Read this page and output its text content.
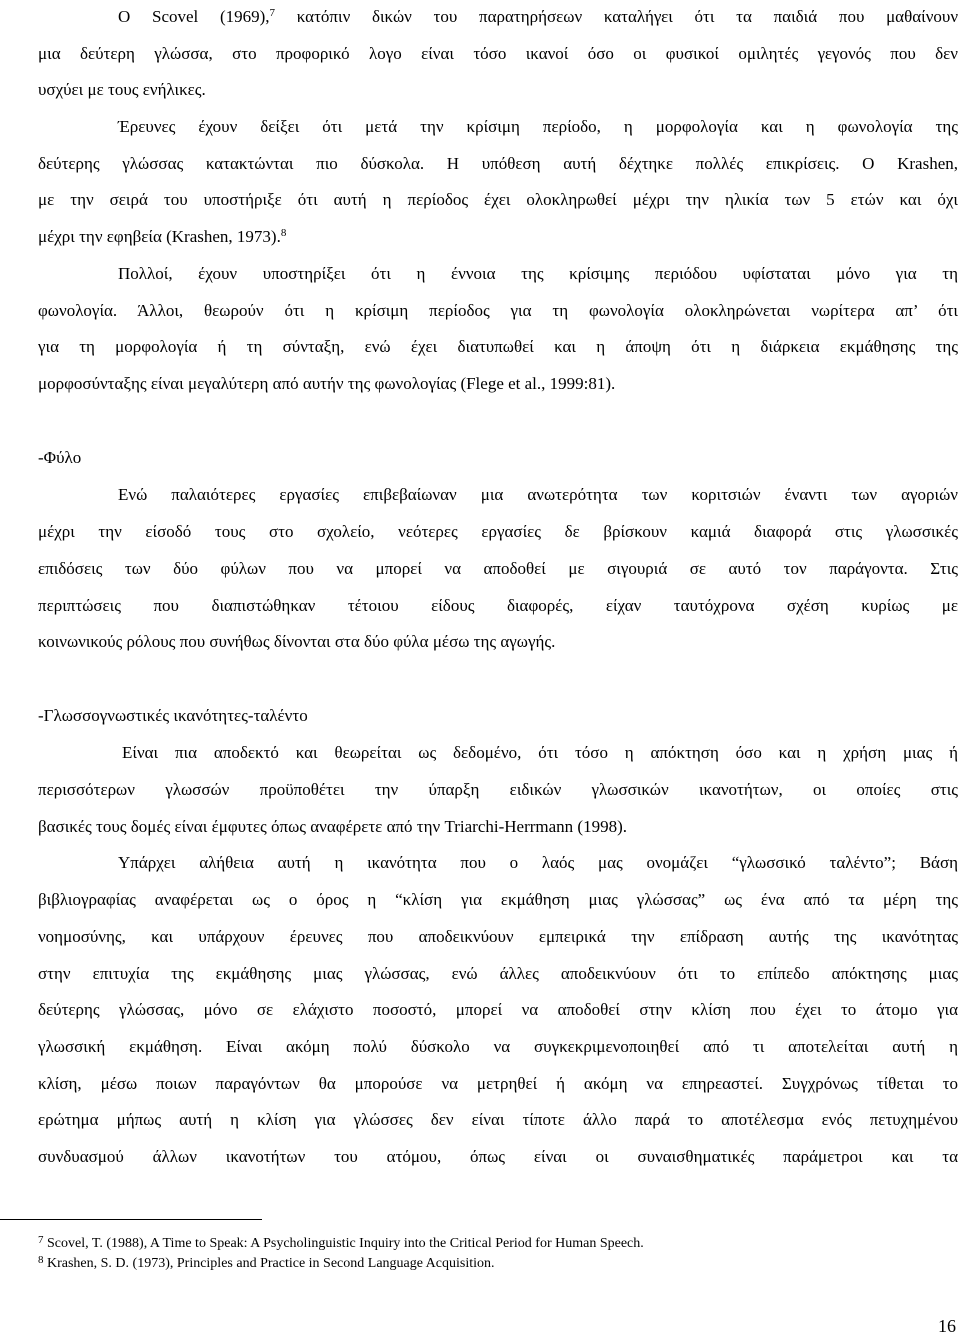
Ο Scovel (1969),$^7$ κατόπιν δικών του παρατηρήσεων καταλήγει ότι τα παιδιά που μαθαίνουν
μια δεύτερη γλώσσα, στο προφορικό λογο είναι τόσο ικανοί όσο οι φυσικοί ομιλητές γεγονός που δεν
υσχύει με τους ενήλικες.
Έρευνες έχουν δείξει ότι μετά την κρίσιμη περίοδο, η μορφολογία και η φωνολογία της
δεύτερης γλώσσας κατακτώνται πιο δύσκολα. Η υπόθεση αυτή δέχτηκε πολλές επικρίσεις. Ο Krashen,
με την σειρά του υποστήριξε ότι αυτή η περίοδος έχει ολοκληρωθεί μέχρι την ηλικία των 5 ετών και όχι
μέχρι την εφηβεία (Krashen, 1973).$^8$
Πολλοί, έχουν υποστηρίξει ότι η έννοια της κρίσιμης περιόδου υφίσταται μόνο για τη
φωνολογία. Άλλοι, θεωρούν ότι η κρίσιμη περίοδος για τη φωνολογία ολοκληρώνεται νωρίτερα απ’ ότι
για τη μορφολογία ή τη σύνταξη, ενώ έχει διατυπωθεί και η άποψη ότι η διάρκεια εκμάθησης της
μορφοσύνταξης είναι μεγαλύτερη από αυτήν της φωνολογίας (Flege et al., 1999:81).
-Φύλο
Ενώ παλαιότερες εργασίες επιβεβαίωναν μια ανωτερότητα των κοριτσιών έναντι των αγοριών
μέχρι την είσοδό τους στο σχολείο, νεότερες εργασίες δε βρίσκουν καμιά διαφορά στις γλωσσικές
επιδόσεις των δύο φύλων που να μπορεί να αποδοθεί με σιγουριά σε αυτό τον παράγοντα. Στις
περιπτώσεις που διαπιστώθηκαν τέτοιου είδους διαφορές, είχαν ταυτόχρονα σχέση κυρίως με
κοινωνικούς ρόλους που συνήθως δίνονται στα δύο φύλα μέσω της αγωγής.
-Γλωσσογνωστικές ικανότητες-ταλέντο
Είναι πια αποδεκτό και θεωρείται ως δεδομένο, ότι τόσο η απόκτηση όσο και η χρήση μιας ή
περισσότερων γλωσσών προϋποθέτει την ύπαρξη ειδικών γλωσσικών ικανοτήτων, οι οποίες στις
βασικές τους δομές είναι έμφυτες όπως αναφέρετε από την Triarchi-Herrmann (1998).
Υπάρχει αλήθεια αυτή η ικανότητα που ο λαός μας ονομάζει “γλωσσικό ταλέντο”; Βάση
βιβλιογραφίας αναφέρεται ως ο όρος η “κλίση για εκμάθηση μιας γλώσσας” ως ένα από τα μέρη της
νοημοσύνης, και υπάρχουν έρευνες που αποδεικνύουν εμπειρικά την επίδραση αυτής της ικανότητας
στην επιτυχία της εκμάθησης μιας γλώσσας, ενώ άλλες αποδεικνύουν ότι το επίπεδο απόκτησης μιας
δεύτερης γλώσσας, μόνο σε ελάχιστο ποσοστό, μπορεί να αποδοθεί στην κλίση που έχει το άτομο για
γλωσσική εκμάθηση. Είναι ακόμη πολύ δύσκολο να συγκεκριμενοποιηθεί από τι αποτελείται αυτή η
κλίση, μέσω ποιων παραγόντων θα μπορούσε να μετρηθεί ή ακόμη να επηρεαστεί. Συγχρόνως τίθεται το
ερώτημα μήπως αυτή η κλίση για γλώσσες δεν είναι τίποτε άλλο παρά το αποτέλεσμα ενός πετυχημένου
συνδυασμού άλλων ικανοτήτων του ατόμου, όπως είναι οι συναισθηματικές παράμετροι και τα
$^7$ Scovel, T. (1988), A Time to Speak: A Psycholinguistic Inquiry into the Critical Period for Human Speech.
$^8$ Krashen, S. D. (1973), Principles and Practice in Second Language Acquisition.
16
